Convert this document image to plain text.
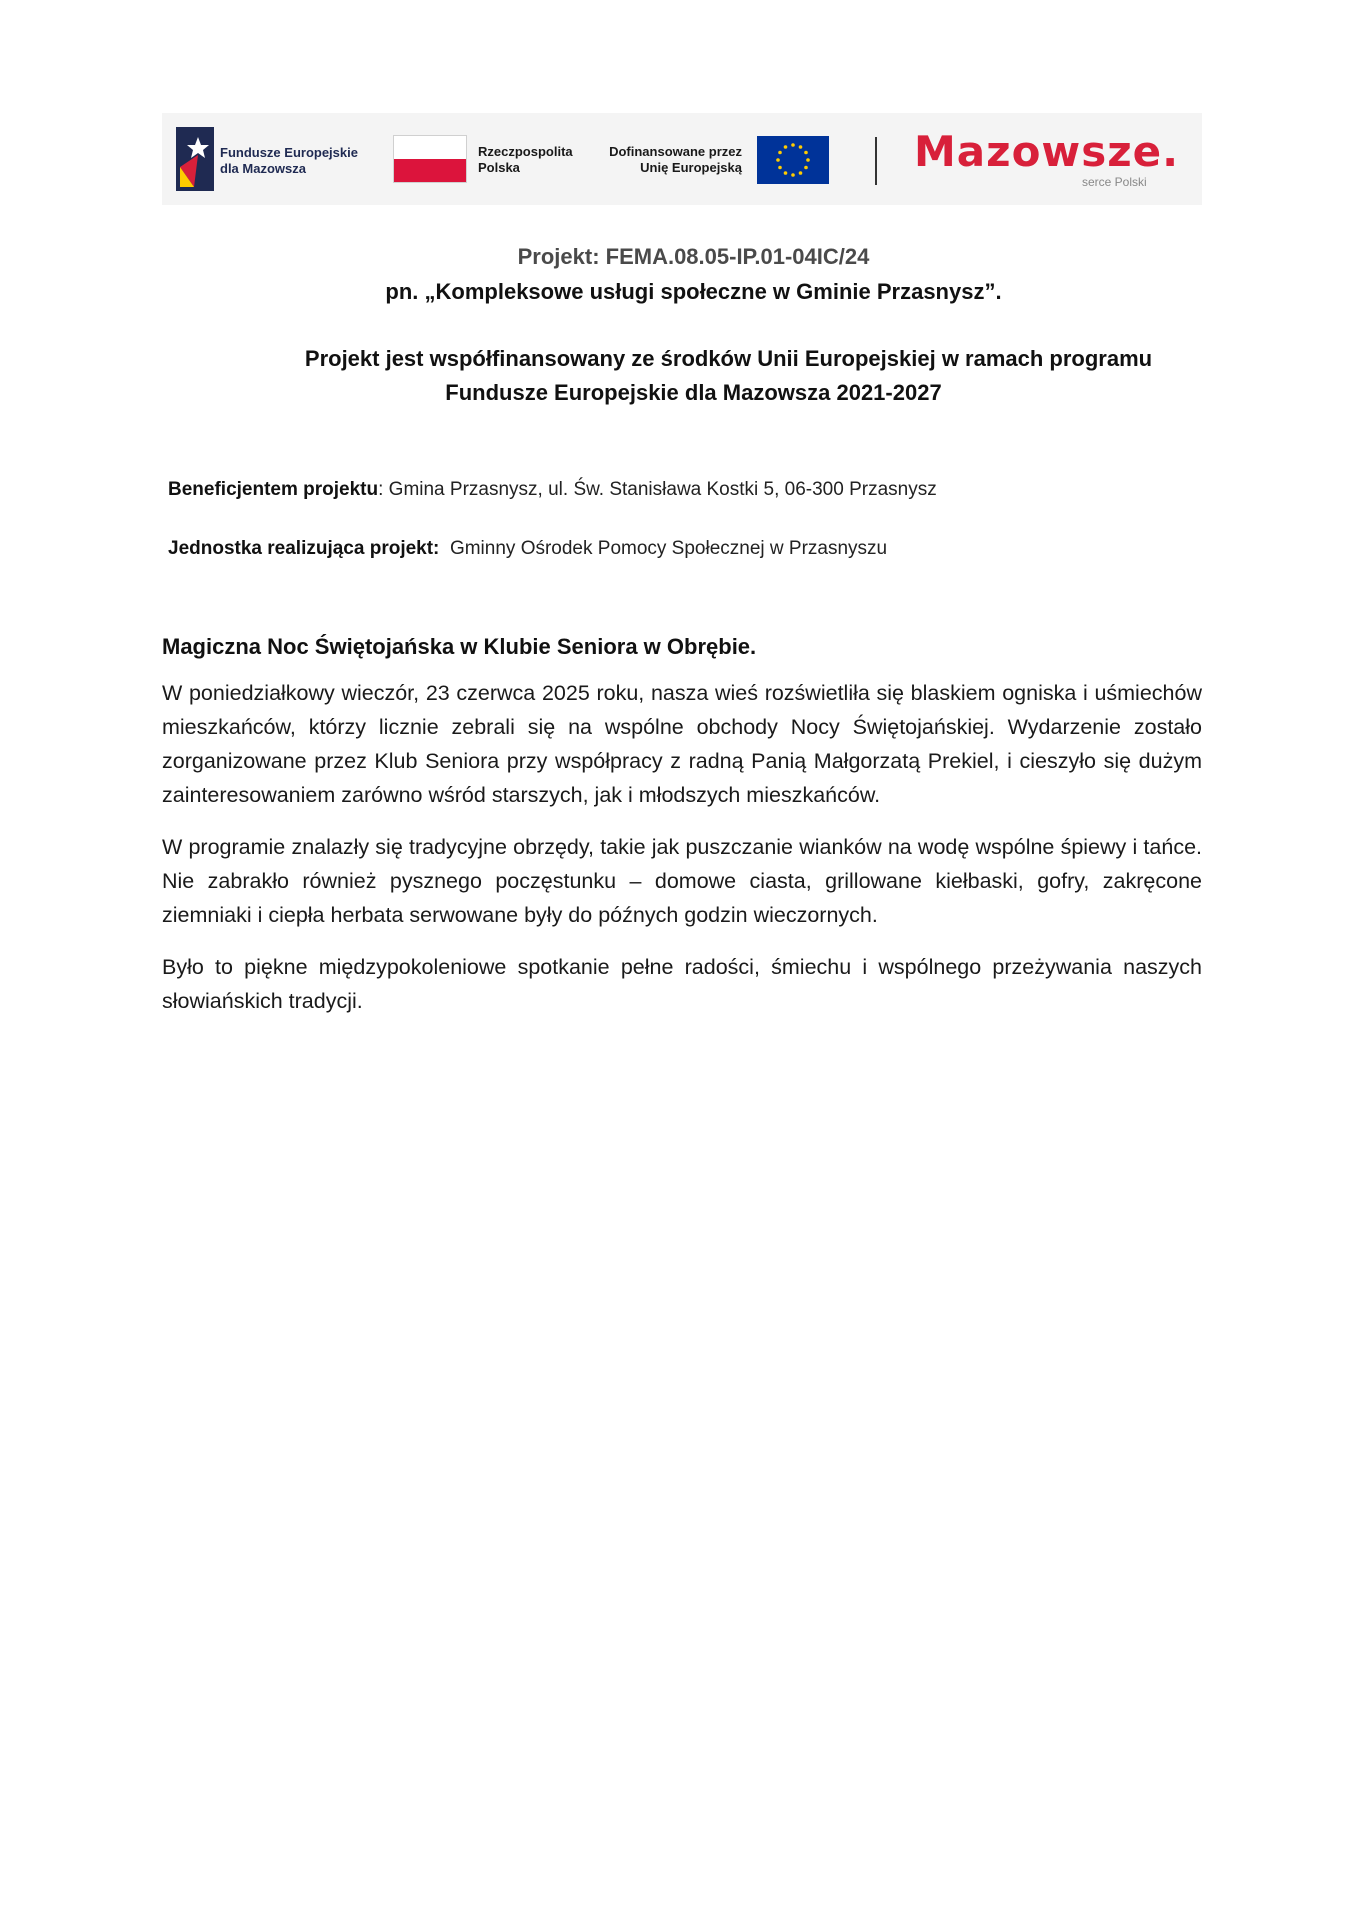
Fundusze Europejskie dla Mazowsza
Rzeczpospolita Polska
Dofinansowane przez Unię Europejską	Mazowsze.
serce Polski
Projekt: FEMA.08.05-IP.01-04IC/24
pn. „Kompleksowe usługi społeczne w Gminie Przasnysz”.
Projekt jest współfinansowany ze środków Unii Europejskiej w ramach programu
Fundusze Europejskie dla Mazowsza 2021-2027
Beneficjentem projektu: Gmina Przasnysz, ul. Św. Stanisława Kostki 5, 06-300 Przasnysz
Jednostka realizująca projekt:  Gminny Ośrodek Pomocy Społecznej w Przasnyszu
Magiczna Noc Świętojańska w Klubie Seniora w Obrębie.

W poniedziałkowy wieczór, 23 czerwca 2025 roku, nasza wieś rozświetliła się blaskiem ogniska i uśmiechów mieszkańców, którzy licznie zebrali się na wspólne obchody Nocy Świętojańskiej. Wydarzenie zostało zorganizowane przez Klub Seniora przy współpracy z radną Panią Małgorzatą Prekiel, i cieszyło się dużym zainteresowaniem zarówno wśród starszych, jak i młodszych mieszkańców.

W programie znalazły się tradycyjne obrzędy, takie jak puszczanie wianków na wodę wspólne śpiewy i tańce. Nie zabrakło również pysznego poczęstunku – domowe ciasta, grillowane kiełbaski, gofry, zakręcone ziemniaki i ciepła herbata serwowane były do późnych godzin wieczornych.

Było to piękne międzypokoleniowe spotkanie pełne radości, śmiechu i wspólnego przeżywania naszych słowiańskich tradycji.
